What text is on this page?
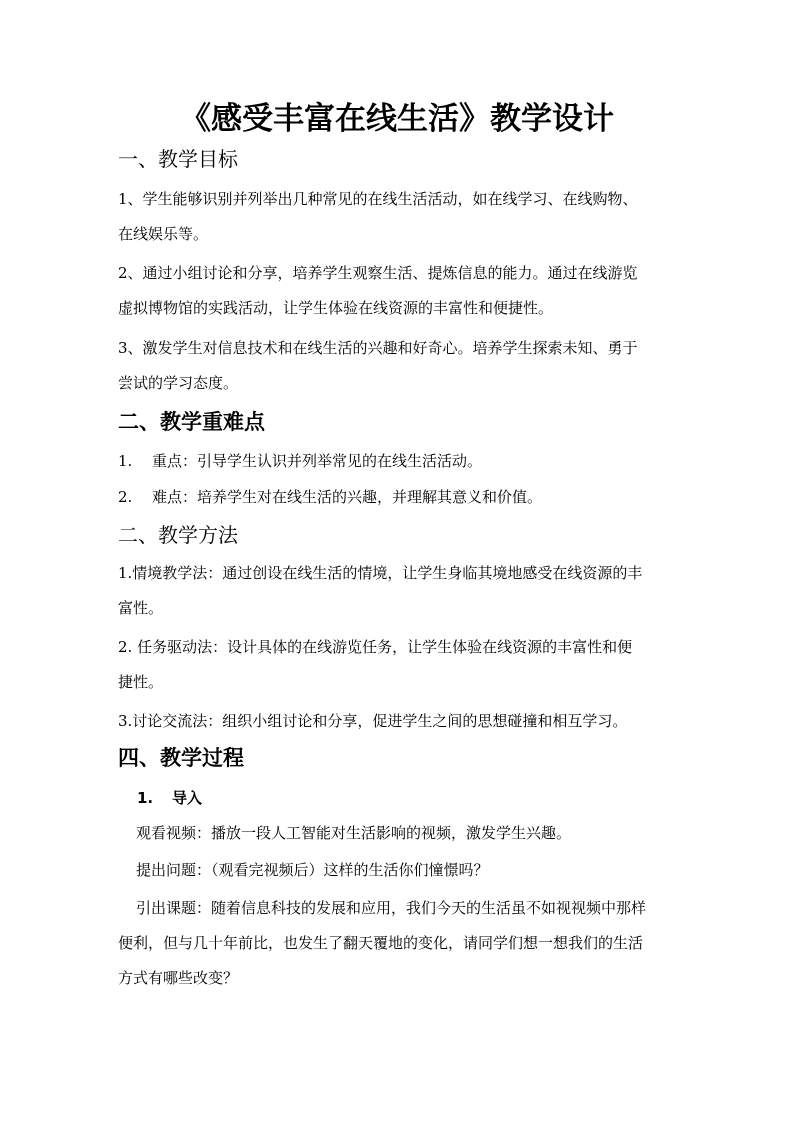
《感受丰富在线生活》教学设计
一、教学目标

1、学生能够识别并列举出几种常见的在线生活活动，如在线学习、在线购物、
在线娱乐等。

2、通过小组讨论和分享，培养学生观察生活、提炼信息的能力。通过在线游览
虚拟博物馆的实践活动，让学生体验在线资源的丰富性和便捷性。

3、激发学生对信息技术和在线生活的兴趣和好奇心。培养学生探索未知、勇于
尝试的学习态度。

二、教学重难点

1. 重点：引导学生认识并列举常见的在线生活活动。

2. 难点：培养学生对在线生活的兴趣，并理解其意义和价值。

二、教学方法

1.情境教学法：通过创设在线生活的情境，让学生身临其境地感受在线资源的丰
富性。

2. 任务驱动法：设计具体的在线游览任务，让学生体验在线资源的丰富性和便
捷性。

3.讨论交流法：组织小组讨论和分享，促进学生之间的思想碰撞和相互学习。

四、教学过程

1. 导入

观看视频：播放一段人工智能对生活影响的视频，激发学生兴趣。

提出问题：（观看完视频后）这样的生活你们憧憬吗？

引出课题：随着信息科技的发展和应用，我们今天的生活虽不如视视频中那样
便利，但与几十年前比，也发生了翻天覆地的变化，请同学们想一想我们的生活
方式有哪些改变？
